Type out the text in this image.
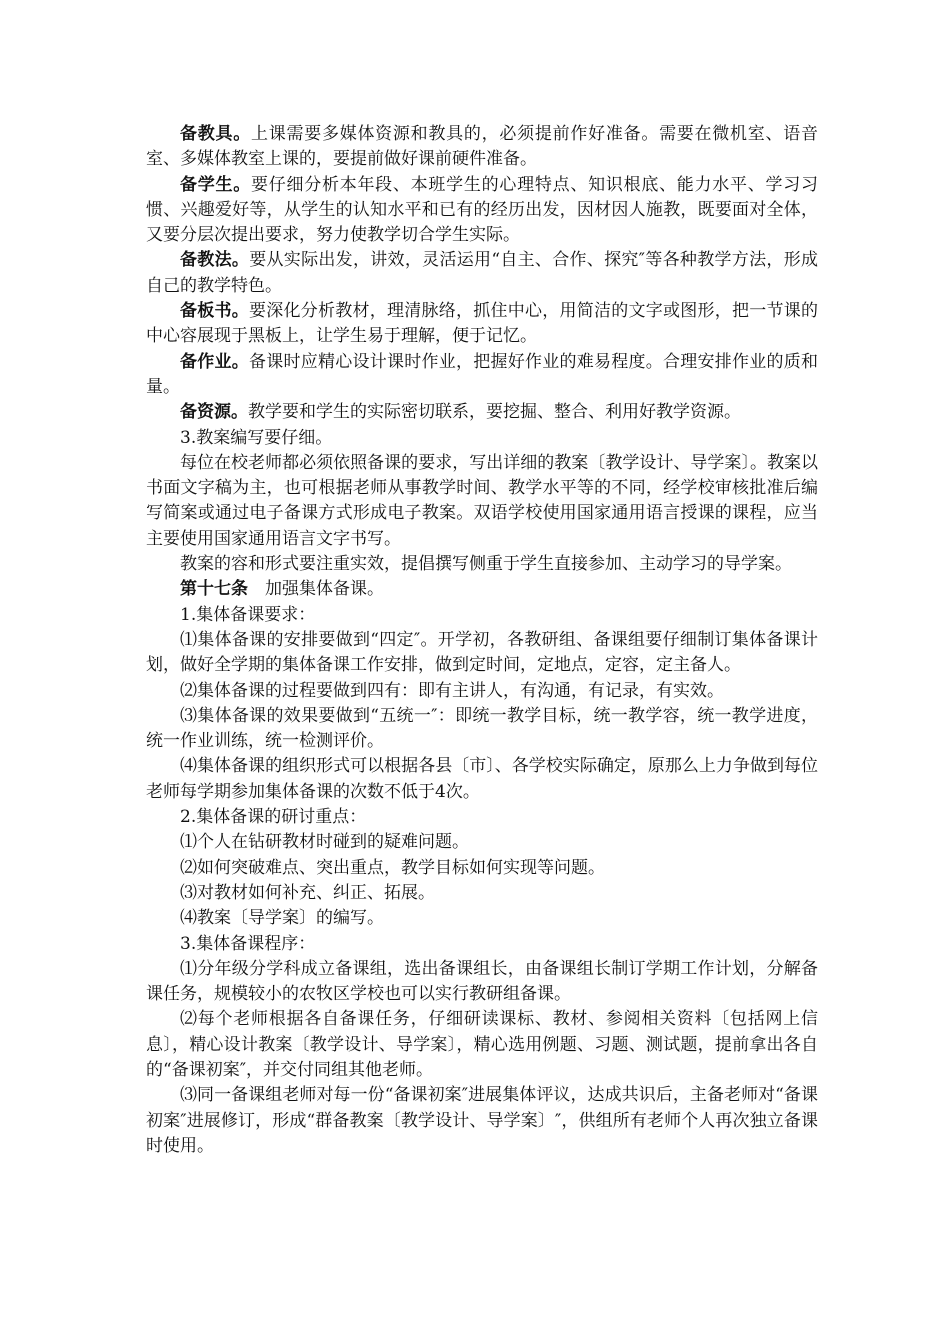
备教具。上课需要多媒体资源和教具的，必须提前作好准备。需要在微机室、语音室、多媒体教室上课的，要提前做好课前硬件准备。

备学生。要仔细分析本年段、本班学生的心理特点、知识根底、能力水平、学习习惯、兴趣爱好等，从学生的认知水平和已有的经历出发，因材因人施教，既要面对全体，又要分层次提出要求，努力使教学切合学生实际。

备教法。要从实际出发，讲效，灵活运用“自主、合作、探究″等各种教学方法，形成自己的教学特色。

备板书。要深化分析教材，理清脉络，抓住中心，用简洁的文字或图形，把一节课的中心容展现于黑板上，让学生易于理解，便于记忆。

备作业。备课时应精心设计课时作业，把握好作业的难易程度。合理安排作业的质和量。

备资源。教学要和学生的实际密切联系，要挖掘、整合、利用好教学资源。

3.教案编写要仔细。

每位在校老师都必须依照备课的要求，写出详细的教案〔教学设计、导学案〕。教案以书面文字稿为主，也可根据老师从事教学时间、教学水平等的不同，经学校审核批准后编写简案或通过电子备课方式形成电子教案。双语学校使用国家通用语言授课的课程，应当主要使用国家通用语言文字书写。

教案的容和形式要注重实效，提倡撰写侧重于学生直接参加、主动学习的导学案。

第十七条　加强集体备课。

1.集体备课要求：

⑴集体备课的安排要做到“四定″。开学初，各教研组、备课组要仔细制订集体备课计划，做好全学期的集体备课工作安排，做到定时间，定地点，定容，定主备人。

⑵集体备课的过程要做到四有：即有主讲人，有沟通，有记录，有实效。

⑶集体备课的效果要做到“五统一″：即统一教学目标，统一教学容，统一教学进度，统一作业训练，统一检测评价。

⑷集体备课的组织形式可以根据各县〔市〕、各学校实际确定，原那么上力争做到每位老师每学期参加集体备课的次数不低于4次。

2.集体备课的研讨重点：

⑴个人在钻研教材时碰到的疑难问题。

⑵如何突破难点、突出重点，教学目标如何实现等问题。

⑶对教材如何补充、纠正、拓展。

⑷教案〔导学案〕的编写。

3.集体备课程序：

⑴分年级分学科成立备课组，选出备课组长，由备课组长制订学期工作计划，分解备课任务，规模较小的农牧区学校也可以实行教研组备课。

⑵每个老师根据各自备课任务，仔细研读课标、教材、参阅相关资料〔包括网上信息〕，精心设计教案〔教学设计、导学案〕，精心选用例题、习题、测试题，提前拿出各自的“备课初案″，并交付同组其他老师。

⑶同一备课组老师对每一份“备课初案″进展集体评议，达成共识后，主备老师对“备课初案″进展修订，形成“群备教案〔教学设计、导学案〕″，供组所有老师个人再次独立备课时使用。
